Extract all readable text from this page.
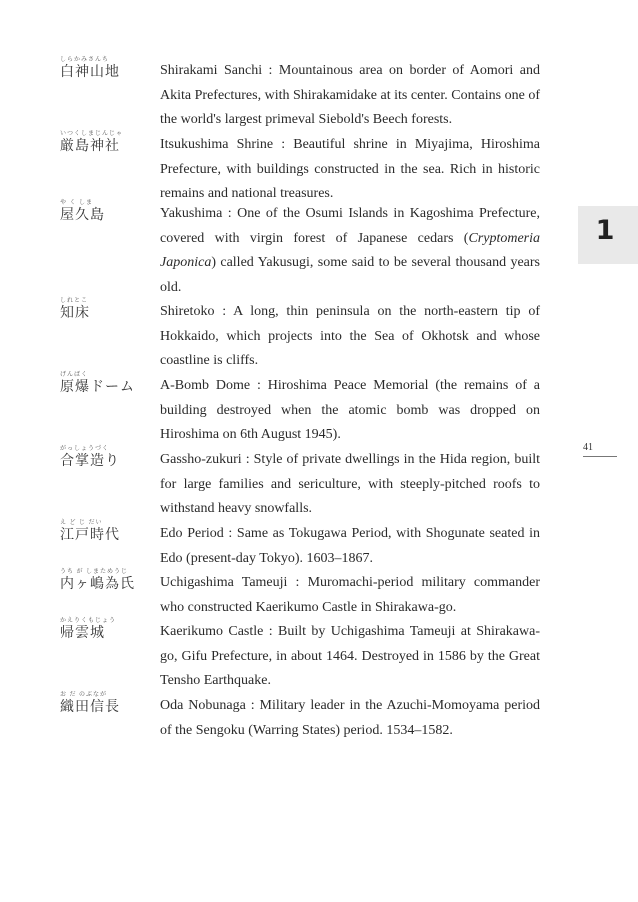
しらかみさんち
白神山地	Shirakami Sanchi : Mountainous area on border of Aomori and Akita Prefectures, with Shirakamidake at its center. Contains one of the world's largest primeval Siebold's Beech forests.
いつくしまじんじゃ
厳島神社	Itsukushima Shrine : Beautiful shrine in Miyajima, Hiroshima Prefecture, with buildings constructed in the sea. Rich in historic remains and national treasures.
や く しま
屋久島	Yakushima : One of the Osumi Islands in Kagoshima Prefecture, covered with virgin forest of Japanese cedars (Cryptomeria Japonica) called Yakusugi, some said to be several thousand years old.
しれとこ
知床	Shiretoko : A long, thin peninsula on the north-eastern tip of Hokkaido, which projects into the Sea of Okhotsk and whose coastline is cliffs.
げんばく
原爆ドーム	A-Bomb Dome : Hiroshima Peace Memorial (the remains of a building destroyed when the atomic bomb was dropped on Hiroshima on 6th August 1945).
がっしょうづく
合掌造り	Gassho-zukuri : Style of private dwellings in the Hida region, built for large families and sericulture, with steeply-pitched roofs to withstand heavy snowfalls.
え ど じ だい
江戸時代	Edo Period : Same as Tokugawa Period, with Shogunate seated in Edo (present-day Tokyo). 1603–1867.
うち が しまためうじ
内ヶ嶋為氏	Uchigashima Tameuji : Muromachi-period military commander who constructed Kaerikumo Castle in Shirakawa-go.
かえりくもじょう
帰雲城	Kaerikumo Castle : Built by Uchigashima Tameuji at Shirakawa-go, Gifu Prefecture, in about 1464. Destroyed in 1586 by the Great Tensho Earthquake.
お だ のぶなが
織田信長	Oda Nobunaga : Military leader in the Azuchi-Momoyama period of the Sengoku (Warring States) period. 1534–1582.
1
41
